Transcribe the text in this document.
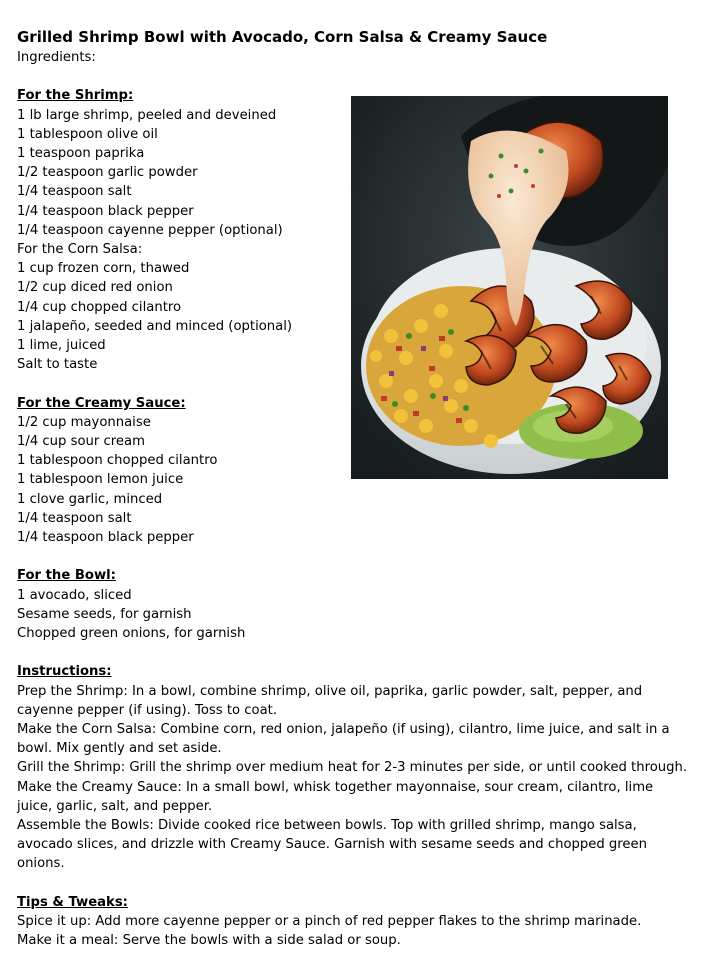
Grilled Shrimp Bowl with Avocado, Corn Salsa & Creamy Sauce

Ingredients:

For the Shrimp:

1 lb large shrimp, peeled and deveined

1 tablespoon olive oil

1 teaspoon paprika

1/2 teaspoon garlic powder

1/4 teaspoon salt

1/4 teaspoon black pepper

1/4 teaspoon cayenne pepper (optional)

For the Corn Salsa:

1 cup frozen corn, thawed

1/2 cup diced red onion

1/4 cup chopped cilantro

1 jalapeño, seeded and minced (optional)

1 lime, juiced

Salt to taste

For the Creamy Sauce:

1/2 cup mayonnaise

1/4 cup sour cream

1 tablespoon chopped cilantro

1 tablespoon lemon juice

1 clove garlic, minced

1/4 teaspoon salt

1/4 teaspoon black pepper

For the Bowl:

1 avocado, sliced

Sesame seeds, for garnish

Chopped green onions, for garnish

Instructions:

Prep the Shrimp: In a bowl, combine shrimp, olive oil, paprika, garlic powder, salt, pepper, and cayenne pepper (if using). Toss to coat.

Make the Corn Salsa: Combine corn, red onion, jalapeño (if using), cilantro, lime juice, and salt in a bowl. Mix gently and set aside.

Grill the Shrimp: Grill the shrimp over medium heat for 2-3 minutes per side, or until cooked through.

Make the Creamy Sauce: In a small bowl, whisk together mayonnaise, sour cream, cilantro, lime juice, garlic, salt, and pepper.

Assemble the Bowls: Divide cooked rice between bowls. Top with grilled shrimp, mango salsa, avocado slices, and drizzle with Creamy Sauce. Garnish with sesame seeds and chopped green onions.

Tips & Tweaks:

Spice it up: Add more cayenne pepper or a pinch of red pepper flakes to the shrimp marinade.

Make it a meal: Serve the bowls with a side salad or soup.
